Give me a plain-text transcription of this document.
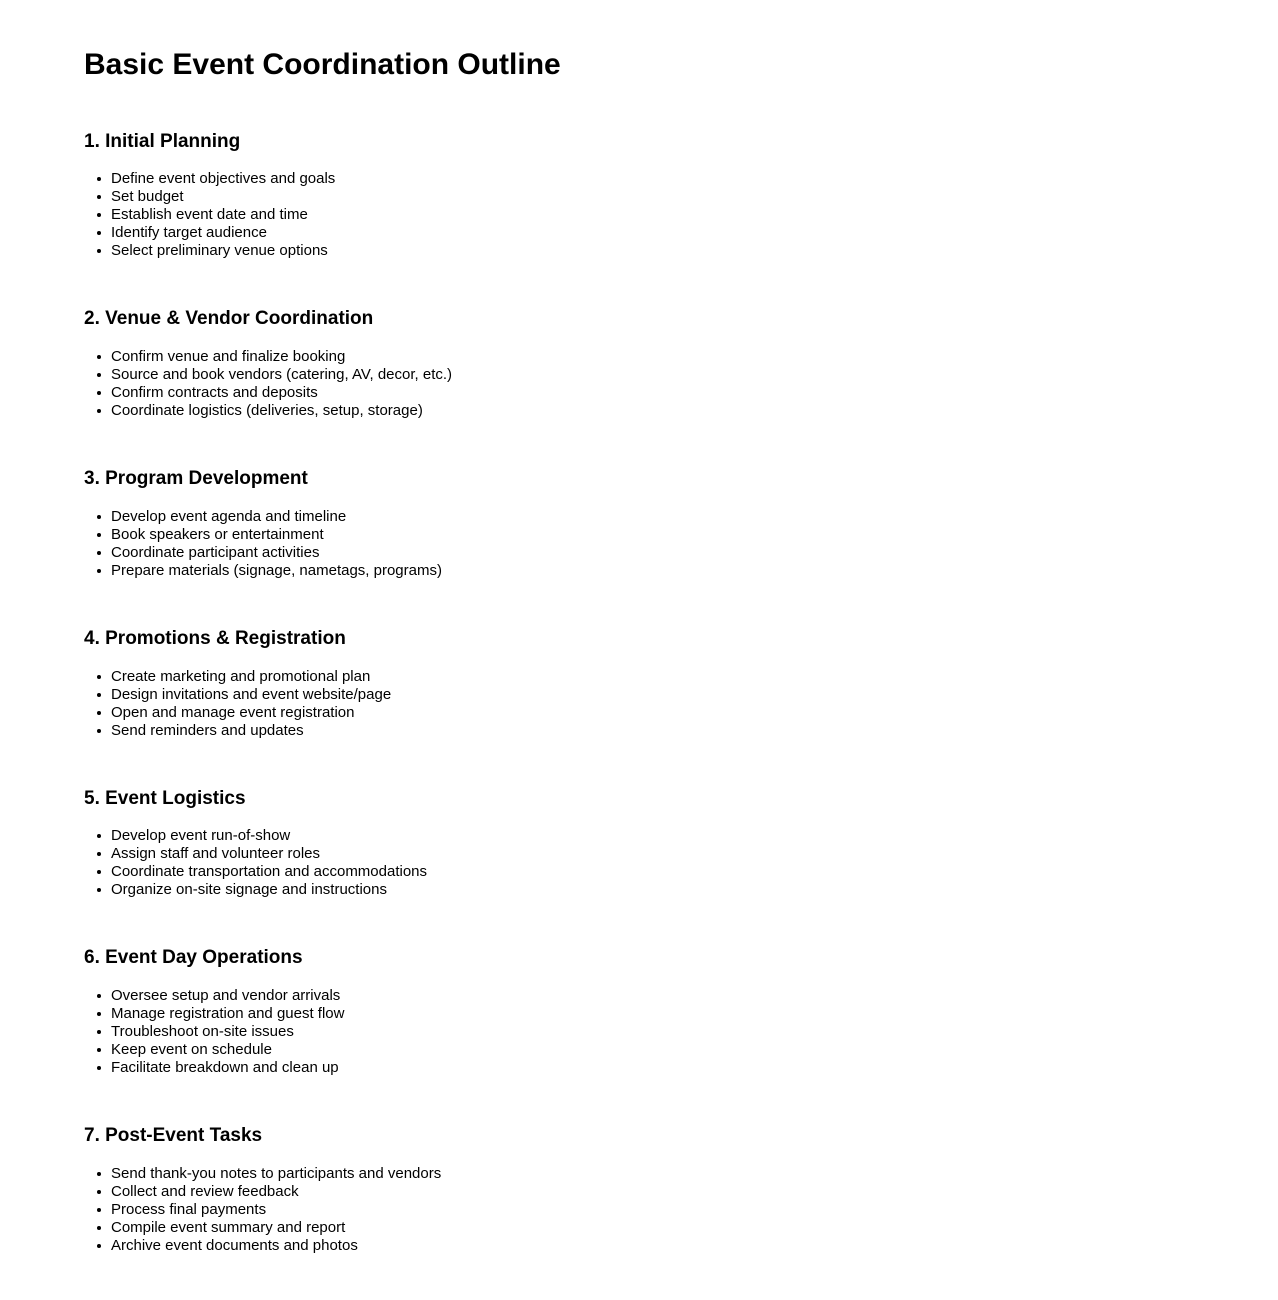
Basic Event Coordination Outline
1. Initial Planning
Define event objectives and goals
Set budget
Establish event date and time
Identify target audience
Select preliminary venue options
2. Venue & Vendor Coordination
Confirm venue and finalize booking
Source and book vendors (catering, AV, decor, etc.)
Confirm contracts and deposits
Coordinate logistics (deliveries, setup, storage)
3. Program Development
Develop event agenda and timeline
Book speakers or entertainment
Coordinate participant activities
Prepare materials (signage, nametags, programs)
4. Promotions & Registration
Create marketing and promotional plan
Design invitations and event website/page
Open and manage event registration
Send reminders and updates
5. Event Logistics
Develop event run-of-show
Assign staff and volunteer roles
Coordinate transportation and accommodations
Organize on-site signage and instructions
6. Event Day Operations
Oversee setup and vendor arrivals
Manage registration and guest flow
Troubleshoot on-site issues
Keep event on schedule
Facilitate breakdown and clean up
7. Post-Event Tasks
Send thank-you notes to participants and vendors
Collect and review feedback
Process final payments
Compile event summary and report
Archive event documents and photos
